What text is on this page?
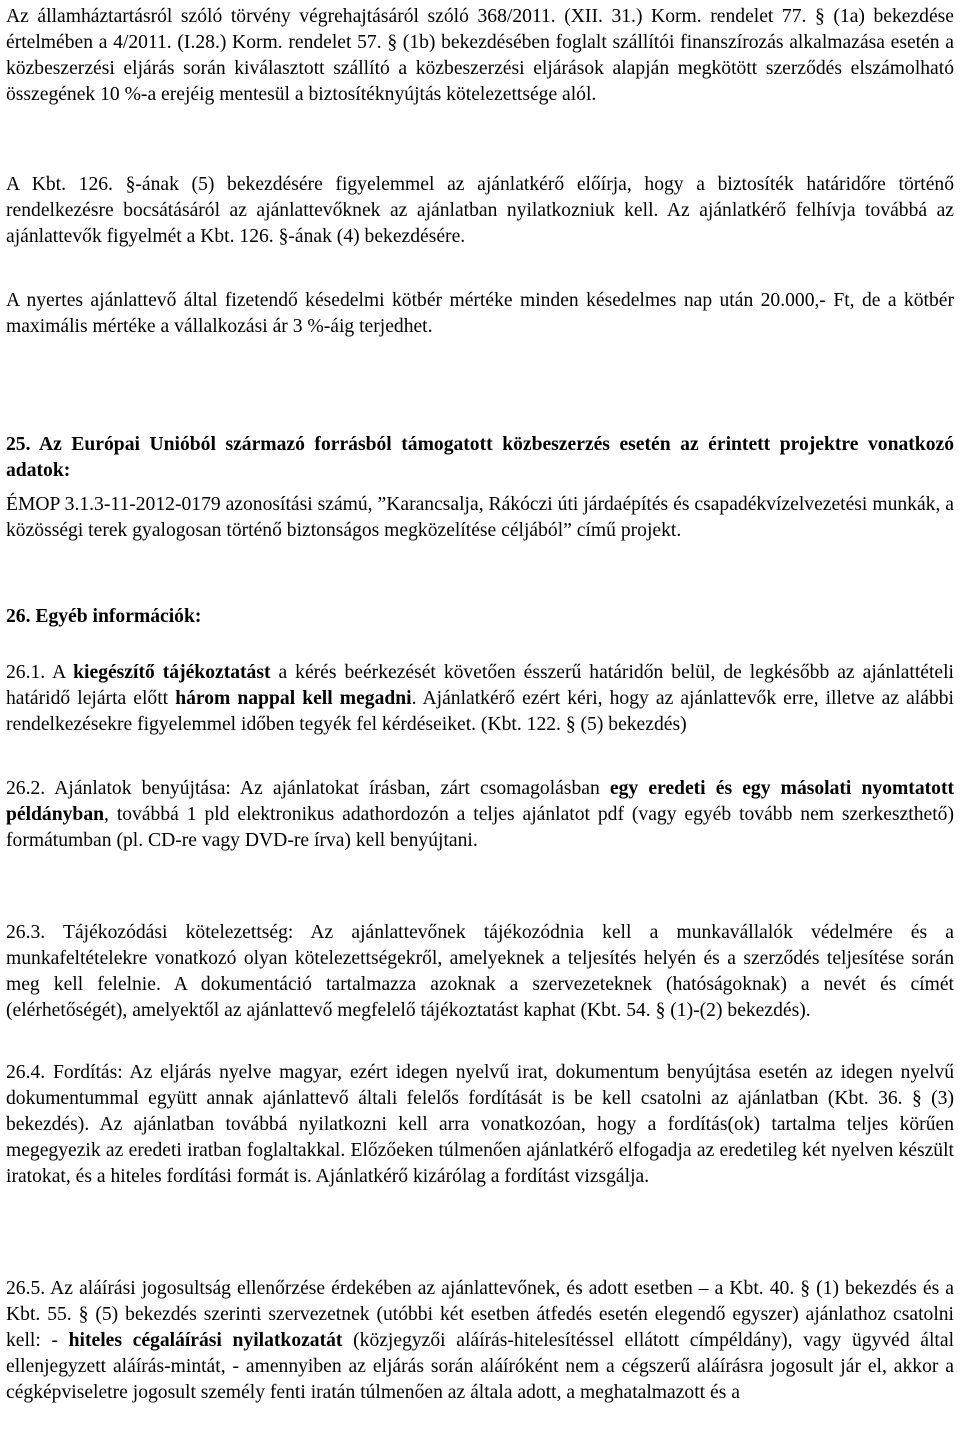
Az államháztartásról szóló törvény végrehajtásáról szóló 368/2011. (XII. 31.) Korm. rendelet 77. § (1a) bekezdése értelmében a 4/2011. (I.28.) Korm. rendelet 57. § (1b) bekezdésében foglalt szállítói finanszírozás alkalmazása esetén a közbeszerzési eljárás során kiválasztott szállító a közbeszerzési eljárások alapján megkötött szerződés elszámolható összegének 10 %-a erejéig mentesül a biztosítéknyújtás kötelezettsége alól.

A Kbt. 126. §-ának (5) bekezdésére figyelemmel az ajánlatkérő előírja, hogy a biztosíték határidőre történő rendelkezésre bocsátásáról az ajánlattevőknek az ajánlatban nyilatkozniuk kell. Az ajánlatkérő felhívja továbbá az ajánlattevők figyelmét a Kbt. 126. §-ának (4) bekezdésére.

A nyertes ajánlattevő által fizetendő késedelmi kötbér mértéke minden késedelmes nap után 20.000,- Ft, de a kötbér maximális mértéke a vállalkozási ár 3 %-áig terjedhet.

25. Az Európai Unióból származó forrásból támogatott közbeszerzés esetén az érintett projektre vonatkozó adatok:

ÉMOP 3.1.3-11-2012-0179 azonosítási számú, ”Karancsalja, Rákóczi úti járdaépítés és csapadékvízelvezetési munkák, a közösségi terek gyalogosan történő biztonságos megközelítése céljából” című projekt.

26. Egyéb információk:

26.1. A kiegészítő tájékoztatást a kérés beérkezését követően ésszerű határidőn belül, de legkésőbb az ajánlattételi határidő lejárta előtt három nappal kell megadni. Ajánlatkérő ezért kéri, hogy az ajánlattevők erre, illetve az alábbi rendelkezésekre figyelemmel időben tegyék fel kérdéseiket. (Kbt. 122. § (5) bekezdés)

26.2. Ajánlatok benyújtása: Az ajánlatokat írásban, zárt csomagolásban egy eredeti és egy másolati nyomtatott példányban, továbbá 1 pld elektronikus adathordozón a teljes ajánlatot pdf (vagy egyéb tovább nem szerkeszthető) formátumban (pl. CD-re vagy DVD-re írva) kell benyújtani.

26.3. Tájékozódási kötelezettség: Az ajánlattevőnek tájékozódnia kell a munkavállalók védelmére és a munkafeltételekre vonatkozó olyan kötelezettségekről, amelyeknek a teljesítés helyén és a szerződés teljesítése során meg kell felelnie. A dokumentáció tartalmazza azoknak a szervezeteknek (hatóságoknak) a nevét és címét (elérhetőségét), amelyektől az ajánlattevő megfelelő tájékoztatást kaphat (Kbt. 54. § (1)-(2) bekezdés).

26.4. Fordítás: Az eljárás nyelve magyar, ezért idegen nyelvű irat, dokumentum benyújtása esetén az idegen nyelvű dokumentummal együtt annak ajánlattevő általi felelős fordítását is be kell csatolni az ajánlatban (Kbt. 36. § (3) bekezdés). Az ajánlatban továbbá nyilatkozni kell arra vonatkozóan, hogy a fordítás(ok) tartalma teljes körűen megegyezik az eredeti iratban foglaltakkal. Előzőeken túlmenően ajánlatkérő elfogadja az eredetileg két nyelven készült iratokat, és a hiteles fordítási formát is. Ajánlatkérő kizárólag a fordítást vizsgálja.

26.5. Az aláírási jogosultság ellenőrzése érdekében az ajánlattevőnek, és adott esetben – a Kbt. 40. § (1) bekezdés és a Kbt. 55. § (5) bekezdés szerinti szervezetnek (utóbbi két esetben átfedés esetén elegendő egyszer) ajánlathoz csatolni kell: - hiteles cégaláírási nyilatkozatát (közjegyzői aláírás-hitelesítéssel ellátott címpéldány), vagy ügyvéd által ellenjegyzett aláírás-mintát, - amennyiben az eljárás során aláíróként nem a cégszerű aláírásra jogosult jár el, akkor a cégképviseletre jogosult személy fenti iratán túlmenően az általa adott, a meghatalmazott és a
